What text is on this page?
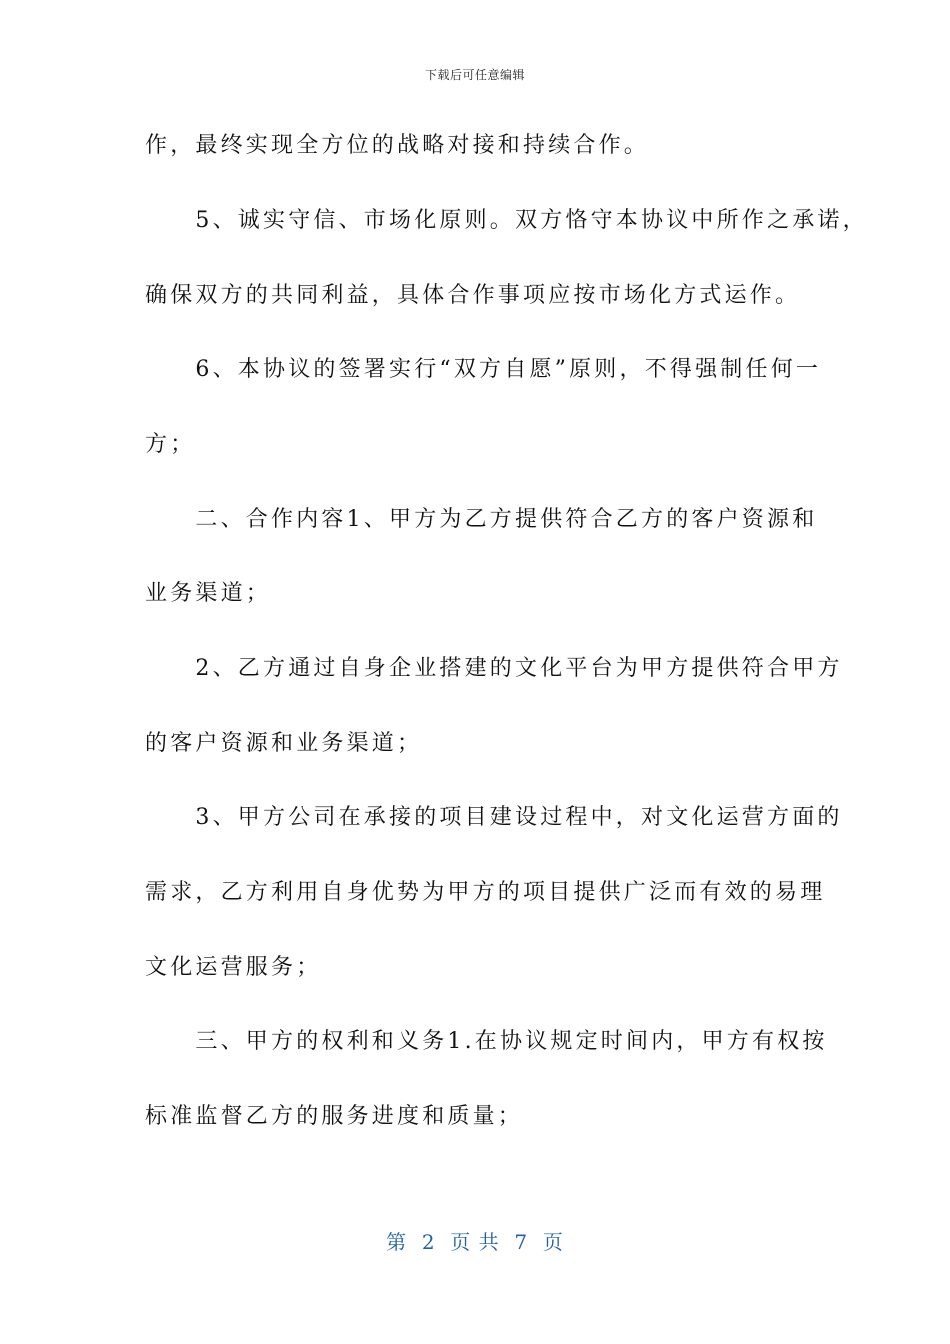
下载后可任意编辑
作，最终实现全方位的战略对接和持续合作。
　　5、诚实守信、市场化原则。双方恪守本协议中所作之承诺，
确保双方的共同利益，具体合作事项应按市场化方式运作。
　　6、本协议的签署实行“双方自愿”原则，不得强制任何一
方；
　　二、合作内容1、甲方为乙方提供符合乙方的客户资源和
业务渠道；
　　2、乙方通过自身企业搭建的文化平台为甲方提供符合甲方
的客户资源和业务渠道；
　　3、甲方公司在承接的项目建设过程中，对文化运营方面的
需求，乙方利用自身优势为甲方的项目提供广泛而有效的易理
文化运营服务；
　　三、甲方的权利和义务1.在协议规定时间内，甲方有权按
标准监督乙方的服务进度和质量；
第  2  页 共  7  页
